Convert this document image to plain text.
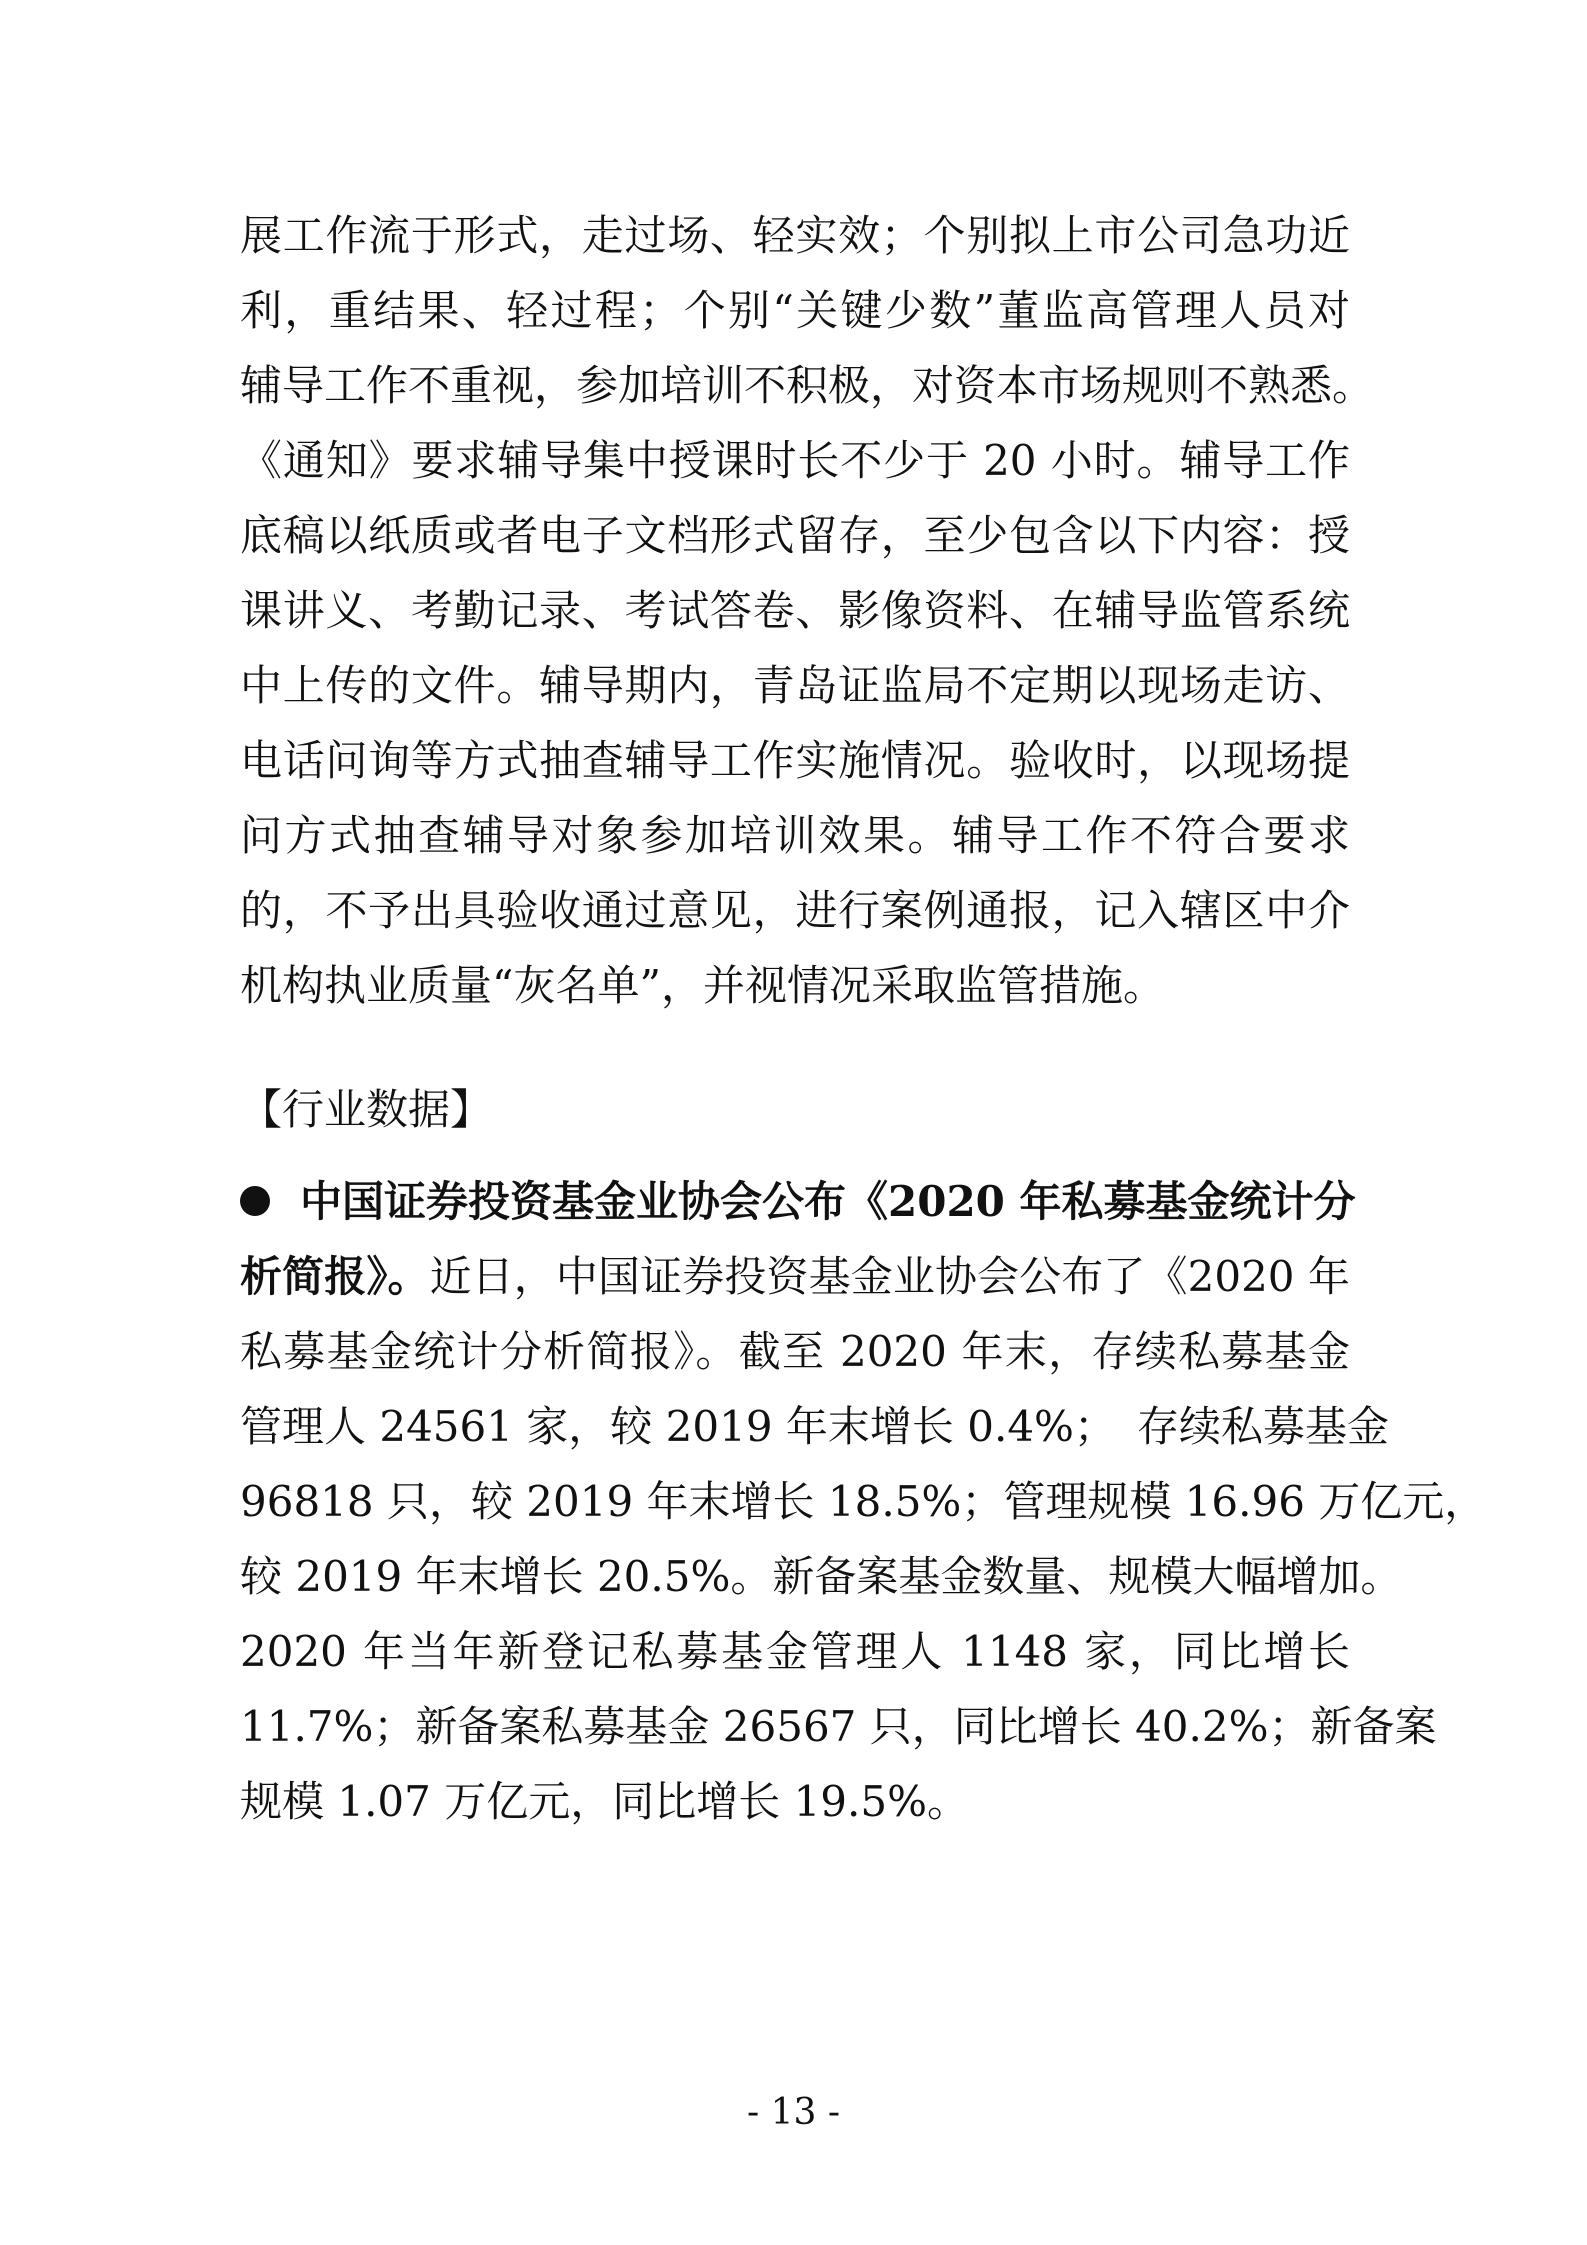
展工作流于形式，走过场、轻实效；个别拟上市公司急功近
利，重结果、轻过程；个别“关键少数”董监高管理人员对
辅导工作不重视，参加培训不积极，对资本市场规则不熟悉。
《通知》要求辅导集中授课时长不少于 20 小时。辅导工作
底稿以纸质或者电子文档形式留存，至少包含以下内容：授
课讲义、考勤记录、考试答卷、影像资料、在辅导监管系统
中上传的文件。辅导期内，青岛证监局不定期以现场走访、
电话问询等方式抽查辅导工作实施情况。验收时，以现场提
问方式抽查辅导对象参加培训效果。辅导工作不符合要求
的，不予出具验收通过意见，进行案例通报，记入辖区中介
机构执业质量“灰名单”，并视情况采取监管措施。
【行业数据】
中国证券投资基金业协会公布《2020 年私募基金统计分
析简报》。近日，中国证券投资基金业协会公布了《2020 年
私募基金统计分析简报》。截至 2020 年末，存续私募基金
管理人 24561 家，较 2019 年末增长 0.4%；　存续私募基金
96818 只，较 2019 年末增长 18.5%；管理规模 16.96 万亿元，
较 2019 年末增长 20.5%。新备案基金数量、规模大幅增加。
2020 年当年新登记私募基金管理人 1148 家，同比增长
11.7%；新备案私募基金 26567 只，同比增长 40.2%；新备案
规模 1.07 万亿元，同比增长 19.5%。
- 13 -
